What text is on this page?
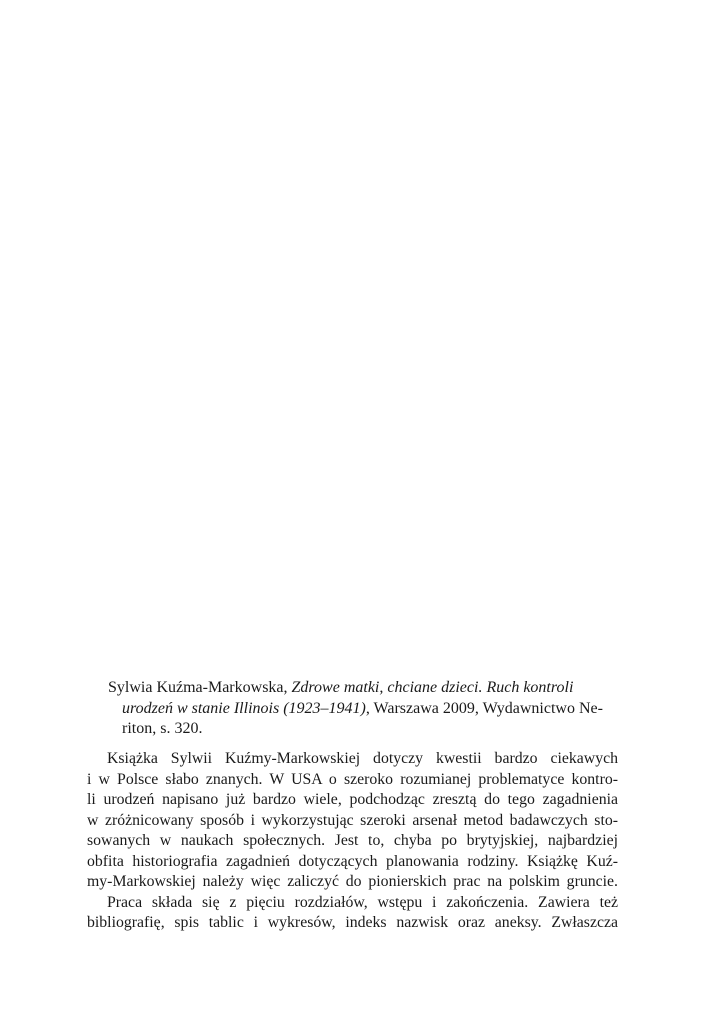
Sylwia Kuźma-Markowska, Zdrowe matki, chciane dzieci. Ruch kontroli
urodzeń w stanie Illinois (1923–1941), Warszawa 2009, Wydawnictwo Ne-
riton, s. 320.
Książka Sylwii Kuźmy-Markowskiej dotyczy kwestii bardzo ciekawych
i w Polsce słabo znanych. W USA o szeroko rozumianej problematyce kontro-
li urodzeń napisano już bardzo wiele, podchodząc zresztą do tego zagadnienia
w zróżnicowany sposób i wykorzystując szeroki arsenał metod badawczych sto-
sowanych w naukach społecznych. Jest to, chyba po brytyjskiej, najbardziej
obfita historiografia zagadnień dotyczących planowania rodziny. Książkę Kuź-
my-Markowskiej należy więc zaliczyć do pionierskich prac na polskim gruncie.
Praca składa się z pięciu rozdziałów, wstępu i zakończenia. Zawiera też
bibliografię, spis tablic i wykresów, indeks nazwisk oraz aneksy. Zwłaszcza
